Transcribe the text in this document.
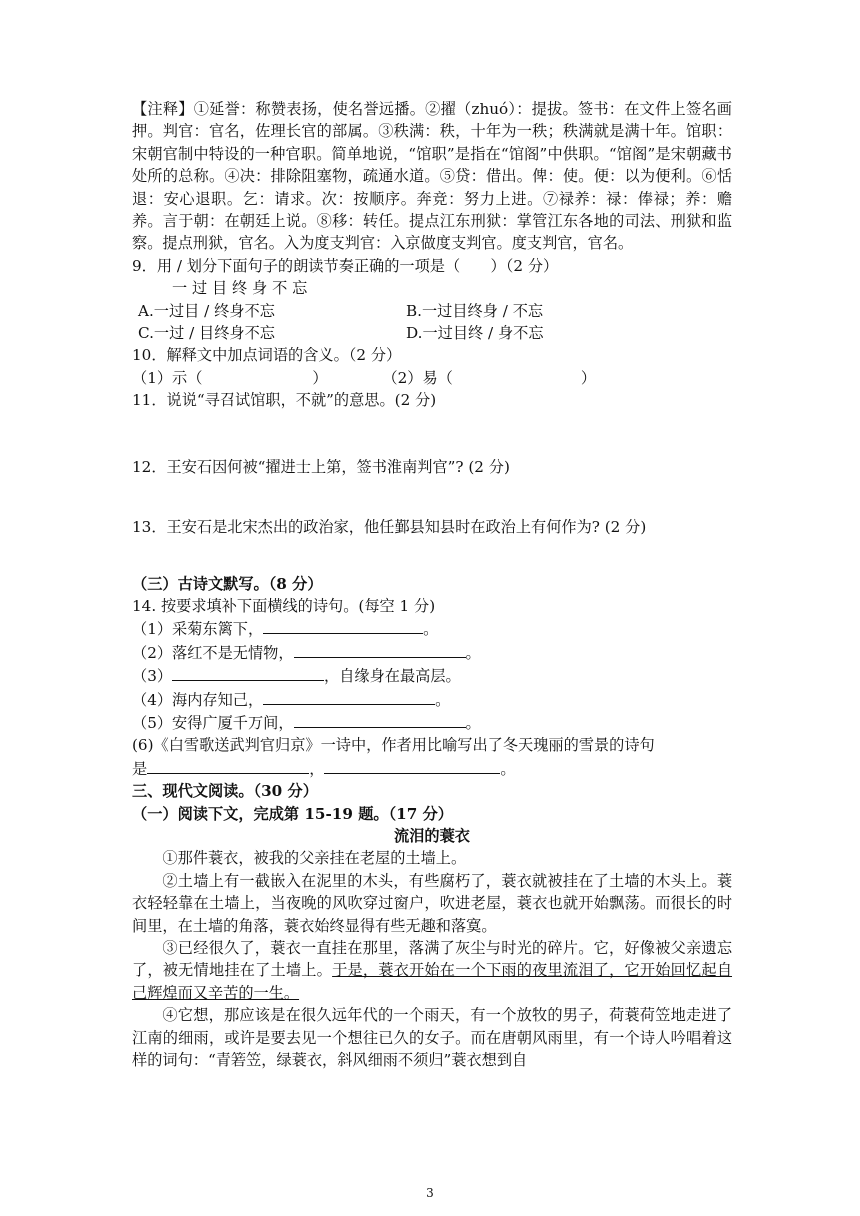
【注释】①延誉：称赞表扬，使名誉远播。②擢（zhuó）：提拔。签书：在文件上签名画押。判官：官名，佐理长官的部属。③秩满：秩，十年为一秩；秩满就是满十年。馆职：宋朝官制中特设的一种官职。简单地说，“馆职”是指在“馆阁”中供职。“馆阁”是宋朝藏书处所的总称。④决：排除阻塞物，疏通水道。⑤贷：借出。俾：使。便：以为便利。⑥恬退：安心退职。乞：请求。次：按顺序。奔竞：努力上进。⑦禄养：禄：俸禄；养：赡养。言于朝：在朝廷上说。⑧移：转任。提点江东刑狱：掌管江东各地的司法、刑狱和监察。提点刑狱，官名。入为度支判官：入京做度支判官。度支判官，官名。

9．用 / 划分下面句子的朗读节奏正确的一项是（　　）（2 分）

一 过 目 终 身 不 忘

A.一过目 / 终身不忘	B.一过目终身 / 不忘
C.一过 / 目终身不忘	D.一过目终 / 身不忘

10．解释文中加点词语的含义。（2 分）

（1）示（	）	（2）易（	）

11．说说“寻召试馆职，不就”的意思。(2 分)

12．王安石因何被“擢进士上第，签书淮南判官”? (2 分)

13．王安石是北宋杰出的政治家，他任鄞县知县时在政治上有何作为? (2 分)

（三）古诗文默写。（8 分）

14. 按要求填补下面横线的诗句。(每空 1 分)

（1）采菊东篱下，	。

（2）落红不是无情物，	。

（3）	，自缘身在最高层。

（4）海内存知己，	。

（5）安得广厦千万间，	。

(6)《白雪歌送武判官归京》一诗中，作者用比喻写出了冬天瑰丽的雪景的诗句

是	，	。

三、现代文阅读。（30 分）

（一）阅读下文，完成第 15-19 题。（17 分）

流泪的蓑衣

①那件蓑衣，被我的父亲挂在老屋的土墙上。

②土墙上有一截嵌入在泥里的木头，有些腐朽了，蓑衣就被挂在了土墙的木头上。蓑衣轻轻靠在土墙上，当夜晚的风吹穿过窗户，吹进老屋，蓑衣也就开始飘荡。而很长的时间里，在土墙的角落，蓑衣始终显得有些无趣和落寞。

③已经很久了，蓑衣一直挂在那里，落满了灰尘与时光的碎片。它，好像被父亲遗忘了，被无情地挂在了土墙上。于是，蓑衣开始在一个下雨的夜里流泪了，它开始回忆起自己辉煌而又辛苦的一生。

④它想，那应该是在很久远年代的一个雨天，有一个放牧的男子，荷蓑荷笠地走进了江南的细雨，或许是要去见一个想往已久的女子。而在唐朝风雨里，有一个诗人吟唱着这样的词句：“青箬笠，绿蓑衣，斜风细雨不须归”蓑衣想到自

3
